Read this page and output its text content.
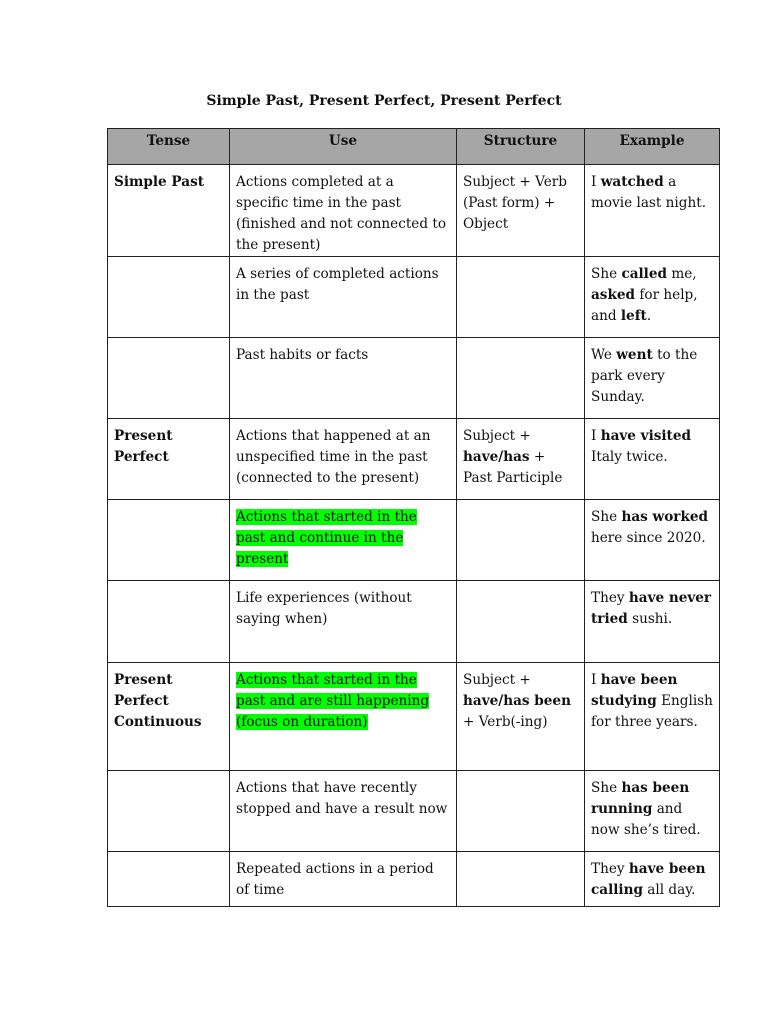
Simple Past, Present Perfect, Present Perfect
Tense	Use	Structure	Example
Simple Past	Actions completed at a specific time in the past (finished and not connected to the present)	Subject + Verb (Past form) + Object	I watched a movie last night.
	A series of completed actions in the past		She called me, asked for help, and left.
	Past habits or facts		We went to the park every Sunday.
Present Perfect	Actions that happened at an unspecified time in the past (connected to the present)	Subject + have/has + Past Participle	I have visited Italy twice.
	Actions that started in the past and continue in the present		She has worked here since 2020.
	Life experiences (without saying when)		They have never tried sushi.
Present Perfect Continuous	Actions that started in the past and are still happening (focus on duration)	Subject + have/has been + Verb(-ing)	I have been studying English for three years.
	Actions that have recently stopped and have a result now		She has been running and now she’s tired.
	Repeated actions in a period of time		They have been calling all day.
